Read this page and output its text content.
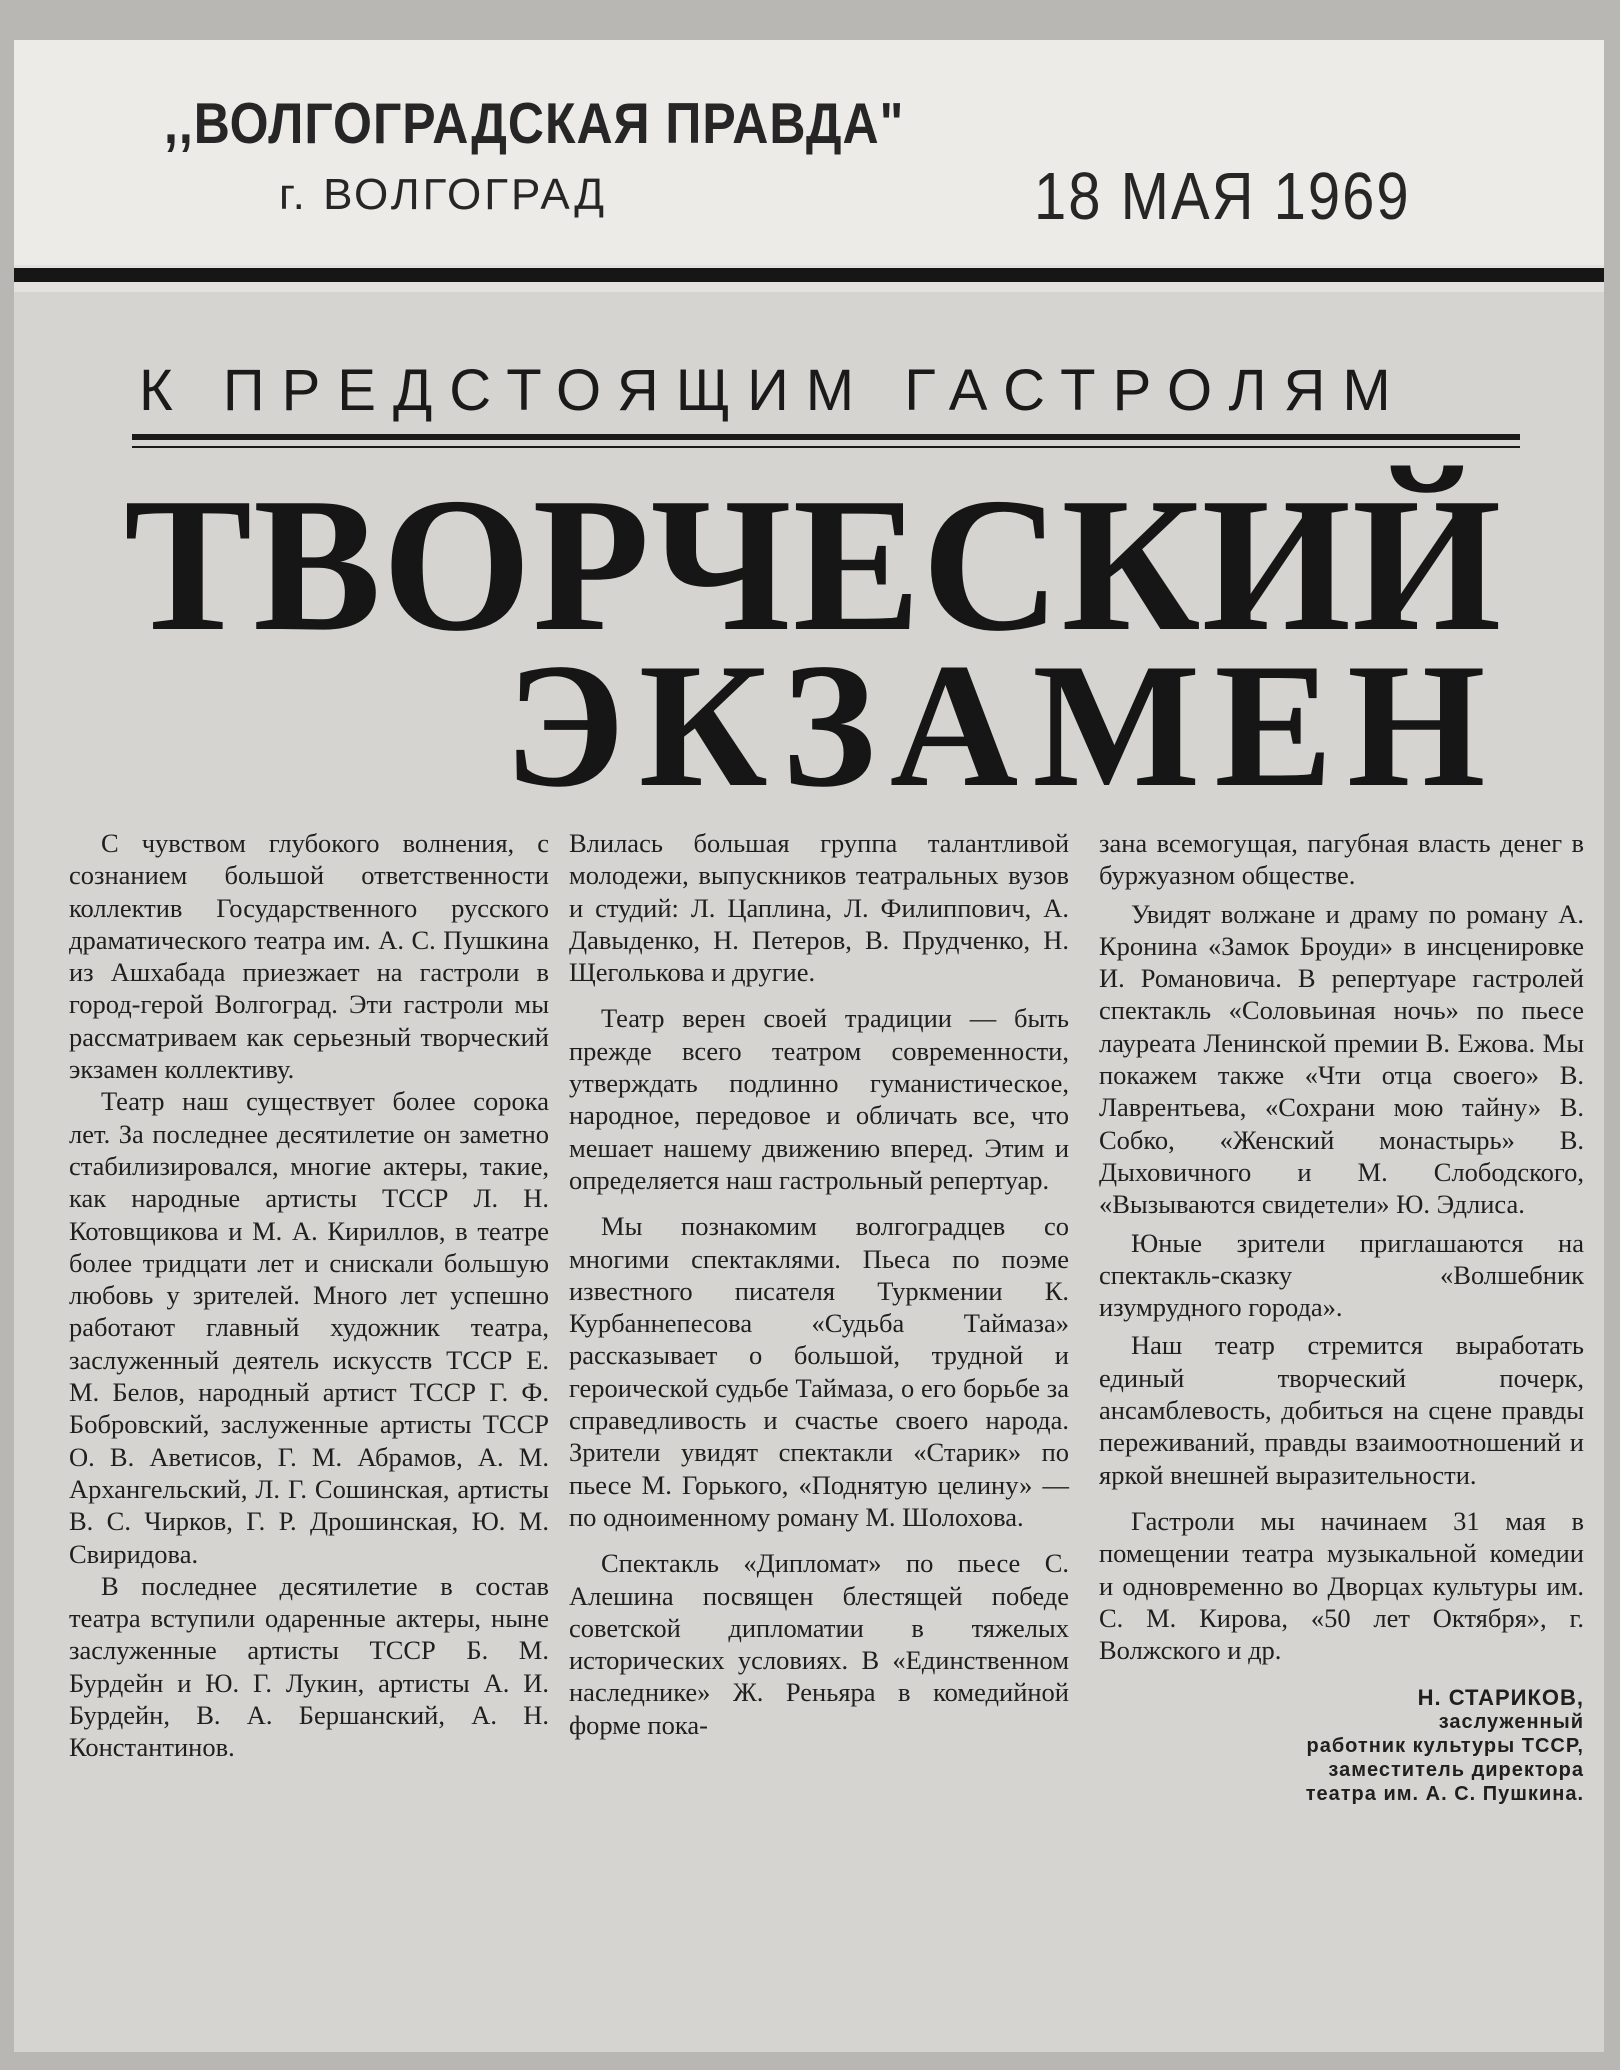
,,ВОЛГОГРАДСКАЯ ПРАВДА"
г. ВОЛГОГРАД	18 МАЯ 1969
К ПРЕДСТОЯЩИМ ГАСТРОЛЯМ
ТВОРЧЕСКИЙ
ЭКЗАМЕН

С чувством глубокого волнения, с сознанием большой ответственности коллектив Государственного русского драматического театра им. А. С. Пушкина из Ашхабада приезжает на гастроли в город-герой Волгоград. Эти гастроли мы рассматриваем как серьезный творческий экзамен коллективу.

Театр наш существует более сорока лет. За последнее десятилетие он заметно стабилизировался, многие актеры, такие, как народные артисты ТССР Л. Н. Котовщикова и М. А. Кириллов, в театре более тридцати лет и снискали большую любовь у зрителей. Много лет успешно работают главный художник театра, заслуженный деятель искусств ТССР Е. М. Белов, народный артист ТССР Г. Ф. Бобровский, заслуженные артисты ТССР О. В. Аветисов, Г. М. Абрамов, А. М. Архангельский, Л. Г. Сошинская, артисты В. С. Чирков, Г. Р. Дрошинская, Ю. М. Свиридова.

В последнее десятилетие в состав театра вступили одаренные актеры, ныне заслуженные артисты ТССР Б. М. Бурдейн и Ю. Г. Лукин, артисты А. И. Бурдейн, В. А. Бершанский, А. Н. Константинов.

Влилась большая группа талантливой молодежи, выпускников театральных вузов и студий: Л. Цаплина, Л. Филиппович, А. Давыденко, Н. Петеров, В. Прудченко, Н. Щеголькова и другие.

Театр верен своей традиции — быть прежде всего театром современности, утверждать подлинно гуманистическое, народное, передовое и обличать все, что мешает нашему движению вперед. Этим и определяется наш гастрольный репертуар.

Мы познакомим волгоградцев со многими спектаклями. Пьеса по поэме известного писателя Туркмении К. Курбаннепесова «Судьба Таймаза» рассказывает о большой, трудной и героической судьбе Таймаза, о его борьбе за справедливость и счастье своего народа. Зрители увидят спектакли «Старик» по пьесе М. Горького, «Поднятую целину» — по одноименному роману М. Шолохова.

Спектакль «Дипломат» по пьесе С. Алешина посвящен блестящей победе советской дипломатии в тяжелых исторических условиях. В «Единственном наследнике» Ж. Реньяра в комедийной форме пока-

зана всемогущая, пагубная власть денег в буржуазном обществе.

Увидят волжане и драму по роману А. Кронина «Замок Броуди» в инсценировке И. Романовича. В репертуаре гастролей спектакль «Соловьиная ночь» по пьесе лауреата Ленинской премии В. Ежова. Мы покажем также «Чти отца своего» В. Лаврентьева, «Сохрани мою тайну» В. Собко, «Женский монастырь» В. Дыховичного и М. Слободского, «Вызываются свидетели» Ю. Эдлиса.

Юные зрители приглашаются на спектакль-сказку «Волшебник изумрудного города».

Наш театр стремится выработать единый творческий почерк, ансамблевость, добиться на сцене правды переживаний, правды взаимоотношений и яркой внешней выразительности.

Гастроли мы начинаем 31 мая в помещении театра музыкальной комедии и одновременно во Дворцах культуры им. С. М. Кирова, «50 лет Октября», г. Волжского и др.

Н. СТАРИКОВ,
заслуженный
работник культуры ТССР,
заместитель директора
театра им. А. С. Пушкина.
